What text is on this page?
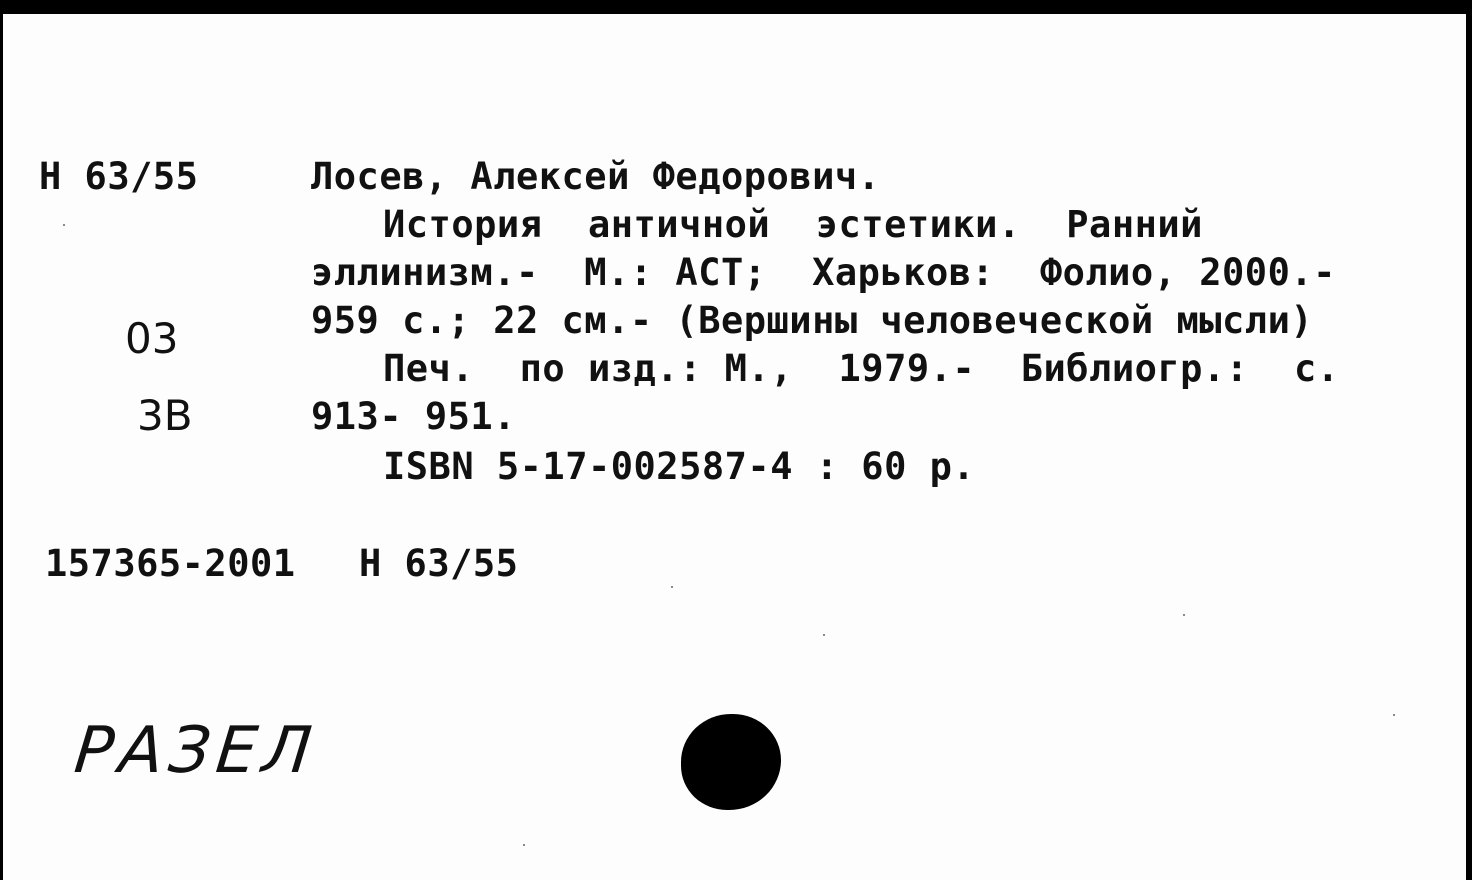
Н 63/55	Лосев, Алексей Федорович.
История  античной  эстетики.  Ранний
эллинизм.-  М.: АСТ;  Харьков:  Фолио, 2000.-
959 с.; 22 см.- (Вершины человеческой мысли)
Печ.  по изд.: М.,  1979.-  Библиогр.:  с.
913- 951.
ISBN 5-17-002587-4 : 60 р.
157365-2001 Н 63/55
03
3В
РАЗЕЛ
